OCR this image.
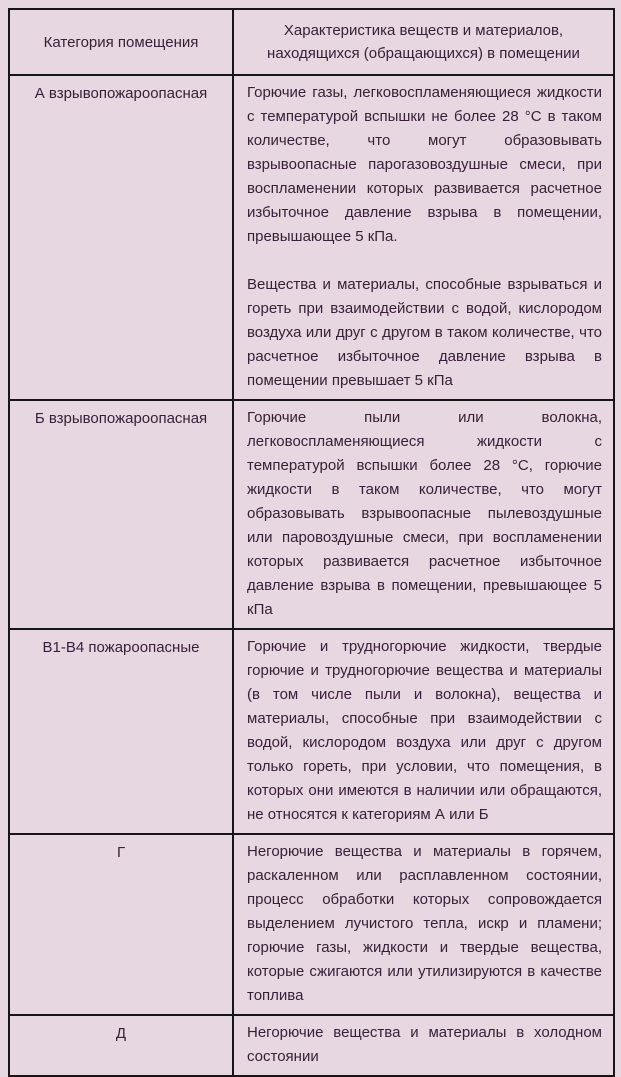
Категория помещения	Характеристика веществ и материалов, находящихся (обращающихся) в помещении
А взрывопожароопасная	Горючие газы, легковоспламеняющиеся жидкости с температурой вспышки не более 28 °С в таком количестве, что могут образовывать взрывоопасные парогазовоздушные смеси, при воспламенении которых развивается расчетное избыточное давление взрыва в помещении, превышающее 5 кПа.

Вещества и материалы, способные взрываться и гореть при взаимодействии с водой, кислородом воздуха или друг с другом в таком количестве, что расчетное избыточное давление взрыва в помещении превышает 5 кПа

Б взрывопожароопасная	Горючие пыли или волокна, легковоспламеняющиеся жидкости с температурой вспышки более 28 °С, горючие жидкости в таком количестве, что могут образовывать взрывоопасные пылевоздушные или паровоздушные смеси, при воспламенении которых развивается расчетное избыточное давление взрыва в помещении, превышающее 5 кПа

В1-В4 пожароопасные	Горючие и трудногорючие жидкости, твердые горючие и трудногорючие вещества и материалы (в том числе пыли и волокна), вещества и материалы, способные при взаимодействии с водой, кислородом воздуха или друг с другом только гореть, при условии, что помещения, в которых они имеются в наличии или обращаются, не относятся к категориям А или Б

Г	Негорючие вещества и материалы в горячем, раскаленном или расплавленном состоянии, процесс обработки которых сопровождается выделением лучистого тепла, искр и пламени; горючие газы, жидкости и твердые вещества, которые сжигаются или утилизируются в качестве топлива

Д	Негорючие вещества и материалы в холодном состоянии
